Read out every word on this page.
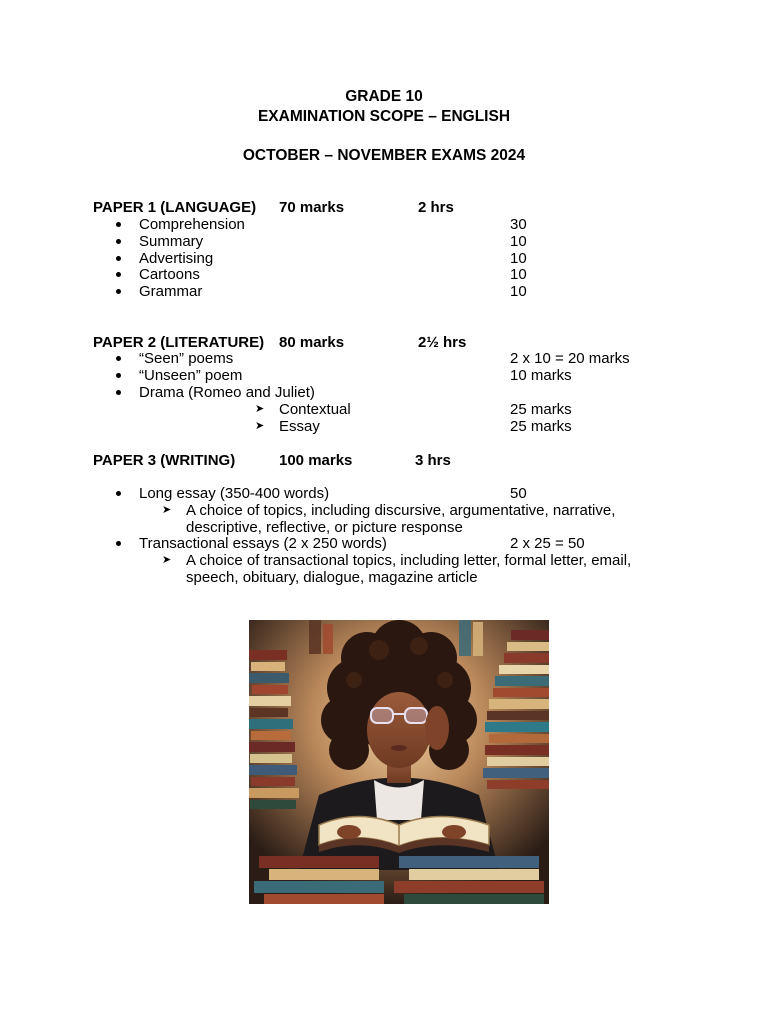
GRADE 10
EXAMINATION SCOPE – ENGLISH
OCTOBER – NOVEMBER EXAMS 2024
PAPER 1 (LANGUAGE) 70 marks	2 hrs
Comprehension	30
Summary	10
Advertising	10
Cartoons	10
Grammar	10
PAPER 2 (LITERATURE) 80 marks	2½ hrs
“Seen” poems	2 x 10 = 20 marks
“Unseen” poem	10 marks
Drama (Romeo and Juliet)
➤ Contextual	25 marks
➤ Essay	25 marks
PAPER 3 (WRITING)	100 marks	3 hrs
Long essay (350-400 words)	50
➤ A choice of topics, including discursive, argumentative, narrative,
descriptive, reflective, or picture response
Transactional essays (2 x 250 words)	2 x 25 = 50
➤ A choice of transactional topics, including letter, formal letter, email,
speech, obituary, dialogue, magazine article
